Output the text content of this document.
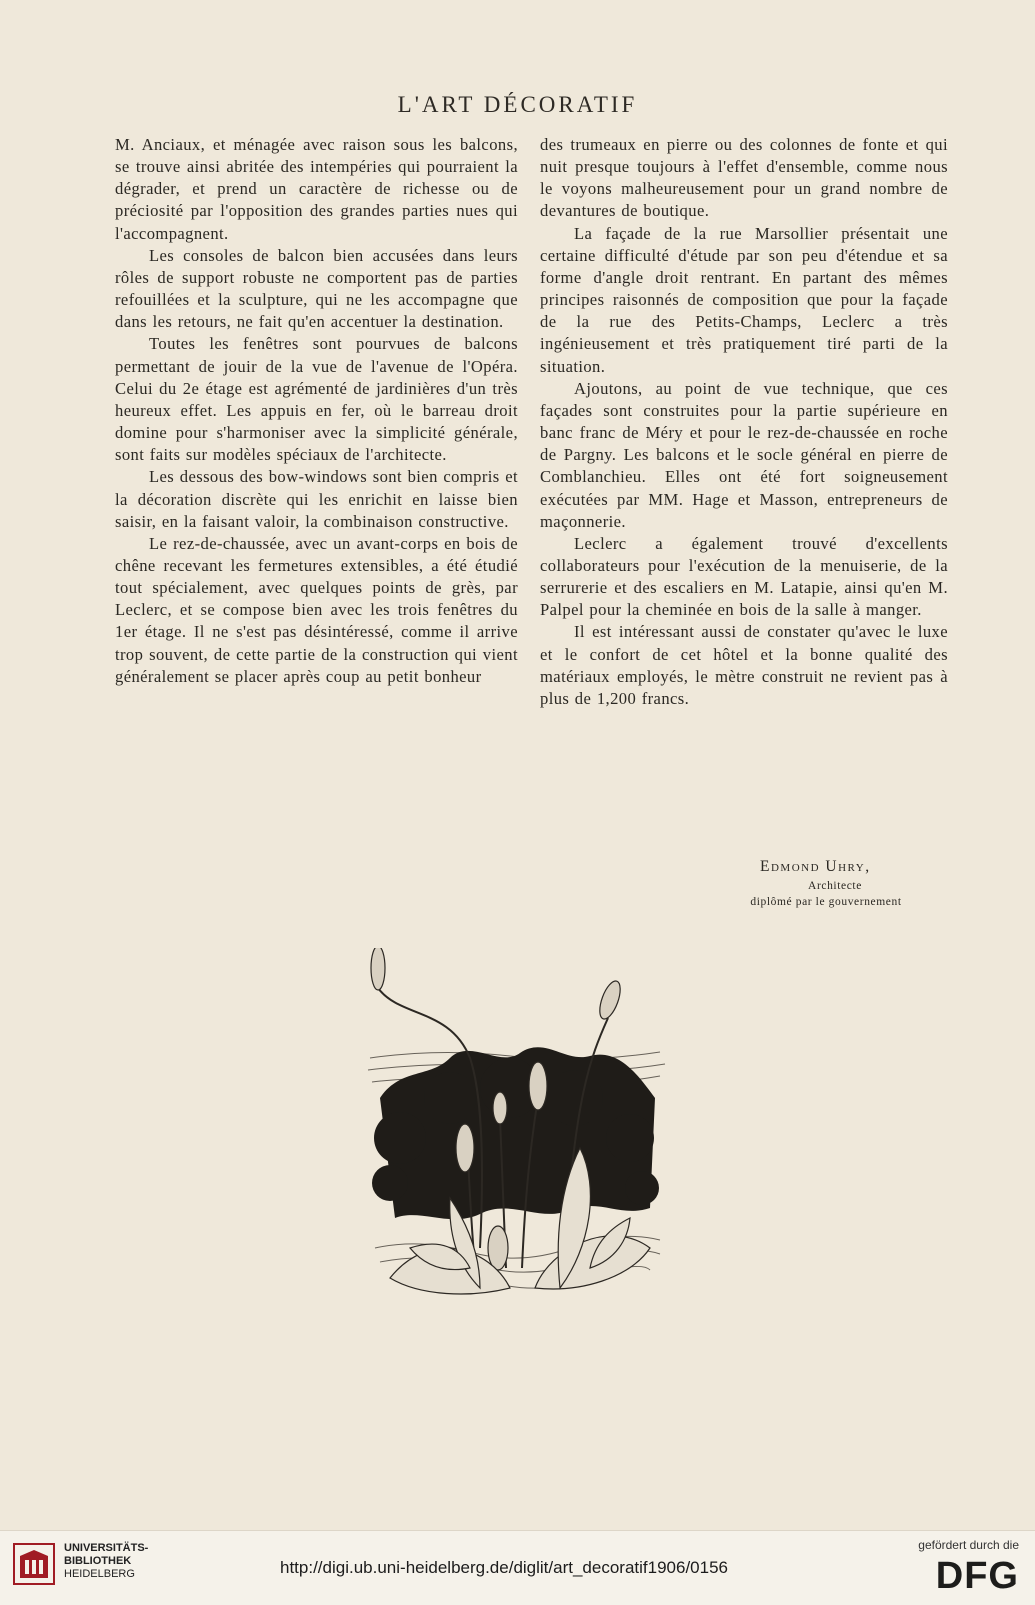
L'ART DÉCORATIF

M. Anciaux, et ménagée avec raison sous les balcons, se trouve ainsi abritée des intempéries qui pourraient la dégrader, et prend un caractère de richesse ou de préciosité par l'opposition des grandes parties nues qui l'accompagnent.

Les consoles de balcon bien accusées dans leurs rôles de support robuste ne comportent pas de parties refouillées et la sculpture, qui ne les accompagne que dans les retours, ne fait qu'en accentuer la destination.

Toutes les fenêtres sont pourvues de balcons permettant de jouir de la vue de l'avenue de l'Opéra. Celui du 2e étage est agrémenté de jardinières d'un très heureux effet. Les appuis en fer, où le barreau droit domine pour s'harmoniser avec la simplicité générale, sont faits sur modèles spéciaux de l'architecte.

Les dessous des bow-windows sont bien compris et la décoration discrète qui les enrichit en laisse bien saisir, en la faisant valoir, la combinaison constructive.

Le rez-de-chaussée, avec un avant-corps en bois de chêne recevant les fermetures extensibles, a été étudié tout spécialement, avec quelques points de grès, par Leclerc, et se compose bien avec les trois fenêtres du 1er étage. Il ne s'est pas désintéressé, comme il arrive trop souvent, de cette partie de la construction qui vient généralement se placer après coup au petit bonheur

des trumeaux en pierre ou des colonnes de fonte et qui nuit presque toujours à l'effet d'ensemble, comme nous le voyons malheureusement pour un grand nombre de devantures de boutique.

La façade de la rue Marsollier présentait une certaine difficulté d'étude par son peu d'étendue et sa forme d'angle droit rentrant. En partant des mêmes principes raisonnés de composition que pour la façade de la rue des Petits-Champs, Leclerc a très ingénieusement et très pratiquement tiré parti de la situation.

Ajoutons, au point de vue technique, que ces façades sont construites pour la partie supérieure en banc franc de Méry et pour le rez-de-chaussée en roche de Pargny. Les balcons et le socle général en pierre de Comblanchieu. Elles ont été fort soigneusement exécutées par MM. Hage et Masson, entrepreneurs de maçonnerie.

Leclerc a également trouvé d'excellents collaborateurs pour l'exécution de la menuiserie, de la serrurerie et des escaliers en M. Latapie, ainsi qu'en M. Palpel pour la cheminée en bois de la salle à manger.

Il est intéressant aussi de constater qu'avec le luxe et le confort de cet hôtel et la bonne qualité des matériaux employés, le mètre construit ne revient pas à plus de 1,200 francs.

Edmond Uhry,
Architecte
diplômé par le gouvernement
UNIVERSITÄTS-
BIBLIOTHEK
HEIDELBERG	http://digi.ub.uni-heidelberg.de/diglit/art_decoratif1906/0156
gefördert durch die
DFG
